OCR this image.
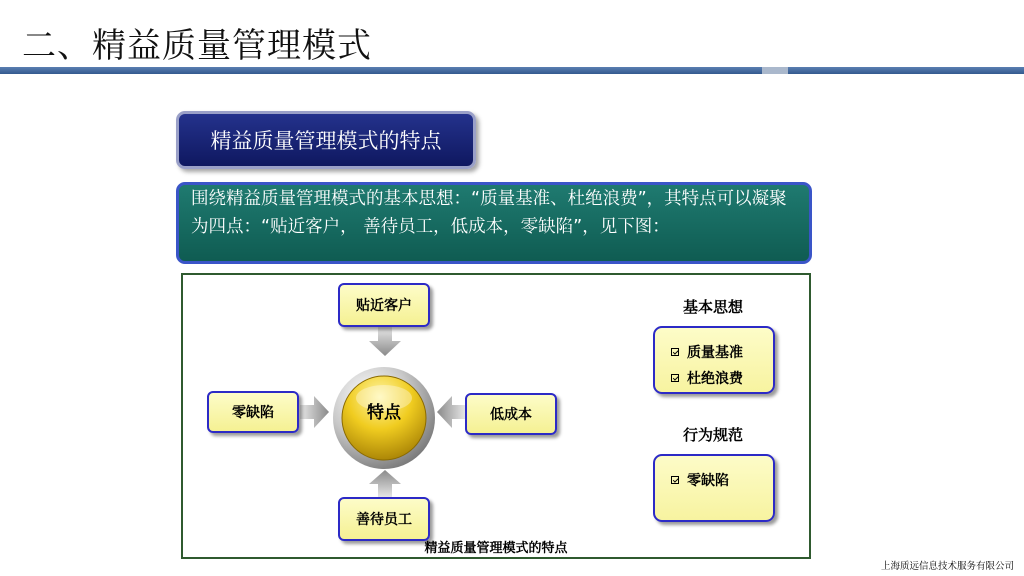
二、精益质量管理模式
精益质量管理模式的特点
围绕精益质量管理模式的基本思想：“质量基准、杜绝浪费”，其特点可以凝聚为四点：“贴近客户， 善待员工，低成本，零缺陷”，见下图：
特点
贴近客户
零缺陷	低成本
善待员工
基本思想
质量基准
杜绝浪费
行为规范
零缺陷
精益质量管理模式的特点
上海质远信息技术服务有限公司
